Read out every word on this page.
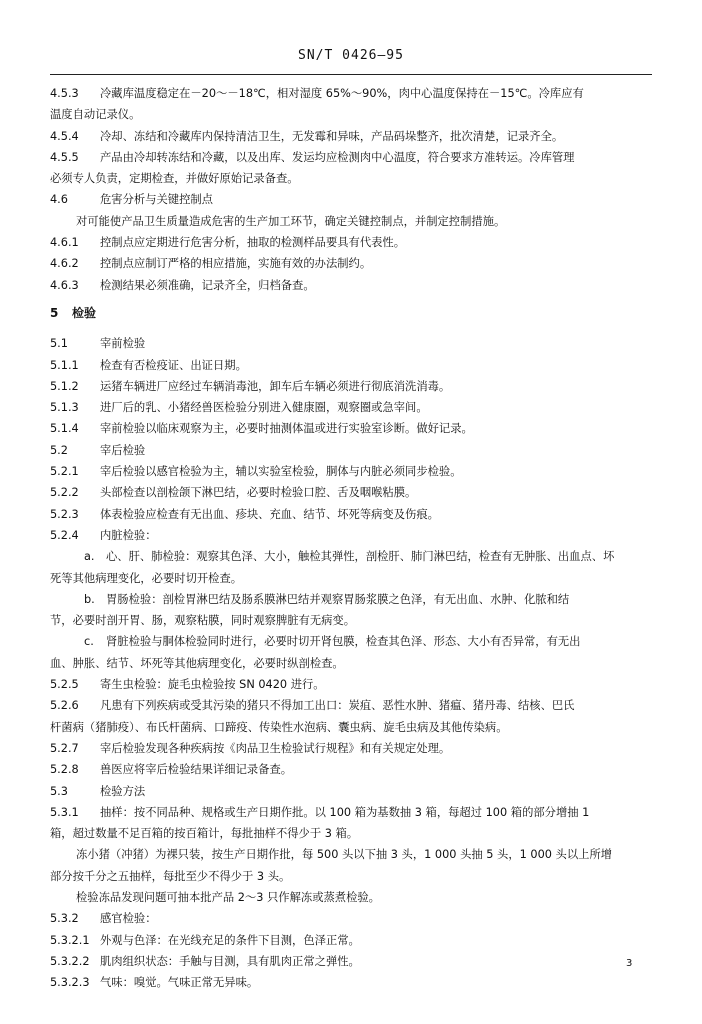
SN/T 0426—95
4.5.3 冷藏库温度稳定在－20～－18℃，相对湿度 65%～90%，肉中心温度保持在－15℃。冷库应有
温度自动记录仪。
4.5.4 冷却、冻结和冷藏库内保持清洁卫生，无发霉和异味，产品码垛整齐，批次清楚，记录齐全。
4.5.5 产品由冷却转冻结和冷藏，以及出库、发运均应检测肉中心温度，符合要求方准转运。冷库管理
必须专人负责，定期检查，并做好原始记录备查。
4.6	危害分析与关键控制点
对可能使产品卫生质量造成危害的生产加工环节，确定关键控制点，并制定控制措施。
4.6.1 控制点应定期进行危害分析，抽取的检测样品要具有代表性。
4.6.2 控制点应制订严格的相应措施，实施有效的办法制约。
4.6.3 检测结果必须准确，记录齐全，归档备查。
5 检验
5.1	宰前检验
5.1.1 检查有否检疫证、出证日期。
5.1.2 运猪车辆进厂应经过车辆消毒池，卸车后车辆必须进行彻底消洗消毒。
5.1.3 进厂后的乳、小猪经兽医检验分别进入健康圈，观察圈或急宰间。
5.1.4 宰前检验以临床观察为主，必要时抽测体温或进行实验室诊断。做好记录。
5.2	宰后检验
5.2.1 宰后检验以感官检验为主，辅以实验室检验，胴体与内脏必须同步检验。
5.2.2 头部检查以剖检颌下淋巴结，必要时检验口腔、舌及咽喉粘膜。
5.2.3 体表检验应检查有无出血、疹块、充血、结节、坏死等病变及伤痕。
5.2.4 内脏检验：
a. 心、肝、肺检验：观察其色泽、大小，触检其弹性，剖检肝、肺门淋巴结，检查有无肿胀、出血点、坏
死等其他病理变化，必要时切开检查。
b. 胃肠检验：剖检胃淋巴结及肠系膜淋巴结并观察胃肠浆膜之色泽，有无出血、水肿、化脓和结
节，必要时剖开胃、肠，观察粘膜，同时观察脾脏有无病变。
c. 肾脏检验与胴体检验同时进行，必要时切开肾包膜，检查其色泽、形态、大小有否异常，有无出
血、肿胀、结节、坏死等其他病理变化，必要时纵剖检查。
5.2.5 寄生虫检验：旋毛虫检验按 SN 0420 进行。
5.2.6 凡患有下列疾病或受其污染的猪只不得加工出口：炭疽、恶性水肿、猪瘟、猪丹毒、结核、巴氏
杆菌病（猪肺疫）、布氏杆菌病、口蹄疫、传染性水泡病、囊虫病、旋毛虫病及其他传染病。
5.2.7 宰后检验发现各种疾病按《肉品卫生检验试行规程》和有关规定处理。
5.2.8 兽医应将宰后检验结果详细记录备查。
5.3	检验方法
5.3.1 抽样：按不同品种、规格或生产日期作批。以 100 箱为基数抽 3 箱，每超过 100 箱的部分增抽 1
箱，超过数量不足百箱的按百箱计，每批抽样不得少于 3 箱。
冻小猪（冲猪）为裸只装，按生产日期作批，每 500 头以下抽 3 头，1 000 头抽 5 头，1 000 头以上所增
部分按千分之五抽样，每批至少不得少于 3 头。
检验冻品发现问题可抽本批产品 2～3 只作解冻或蒸煮检验。
5.3.2 感官检验：
5.3.2.1 外观与色泽：在光线充足的条件下目测，色泽正常。
5.3.2.2 肌肉组织状态：手触与目测，具有肌肉正常之弹性。
5.3.2.3 气味：嗅觉。气味正常无异味。
3
